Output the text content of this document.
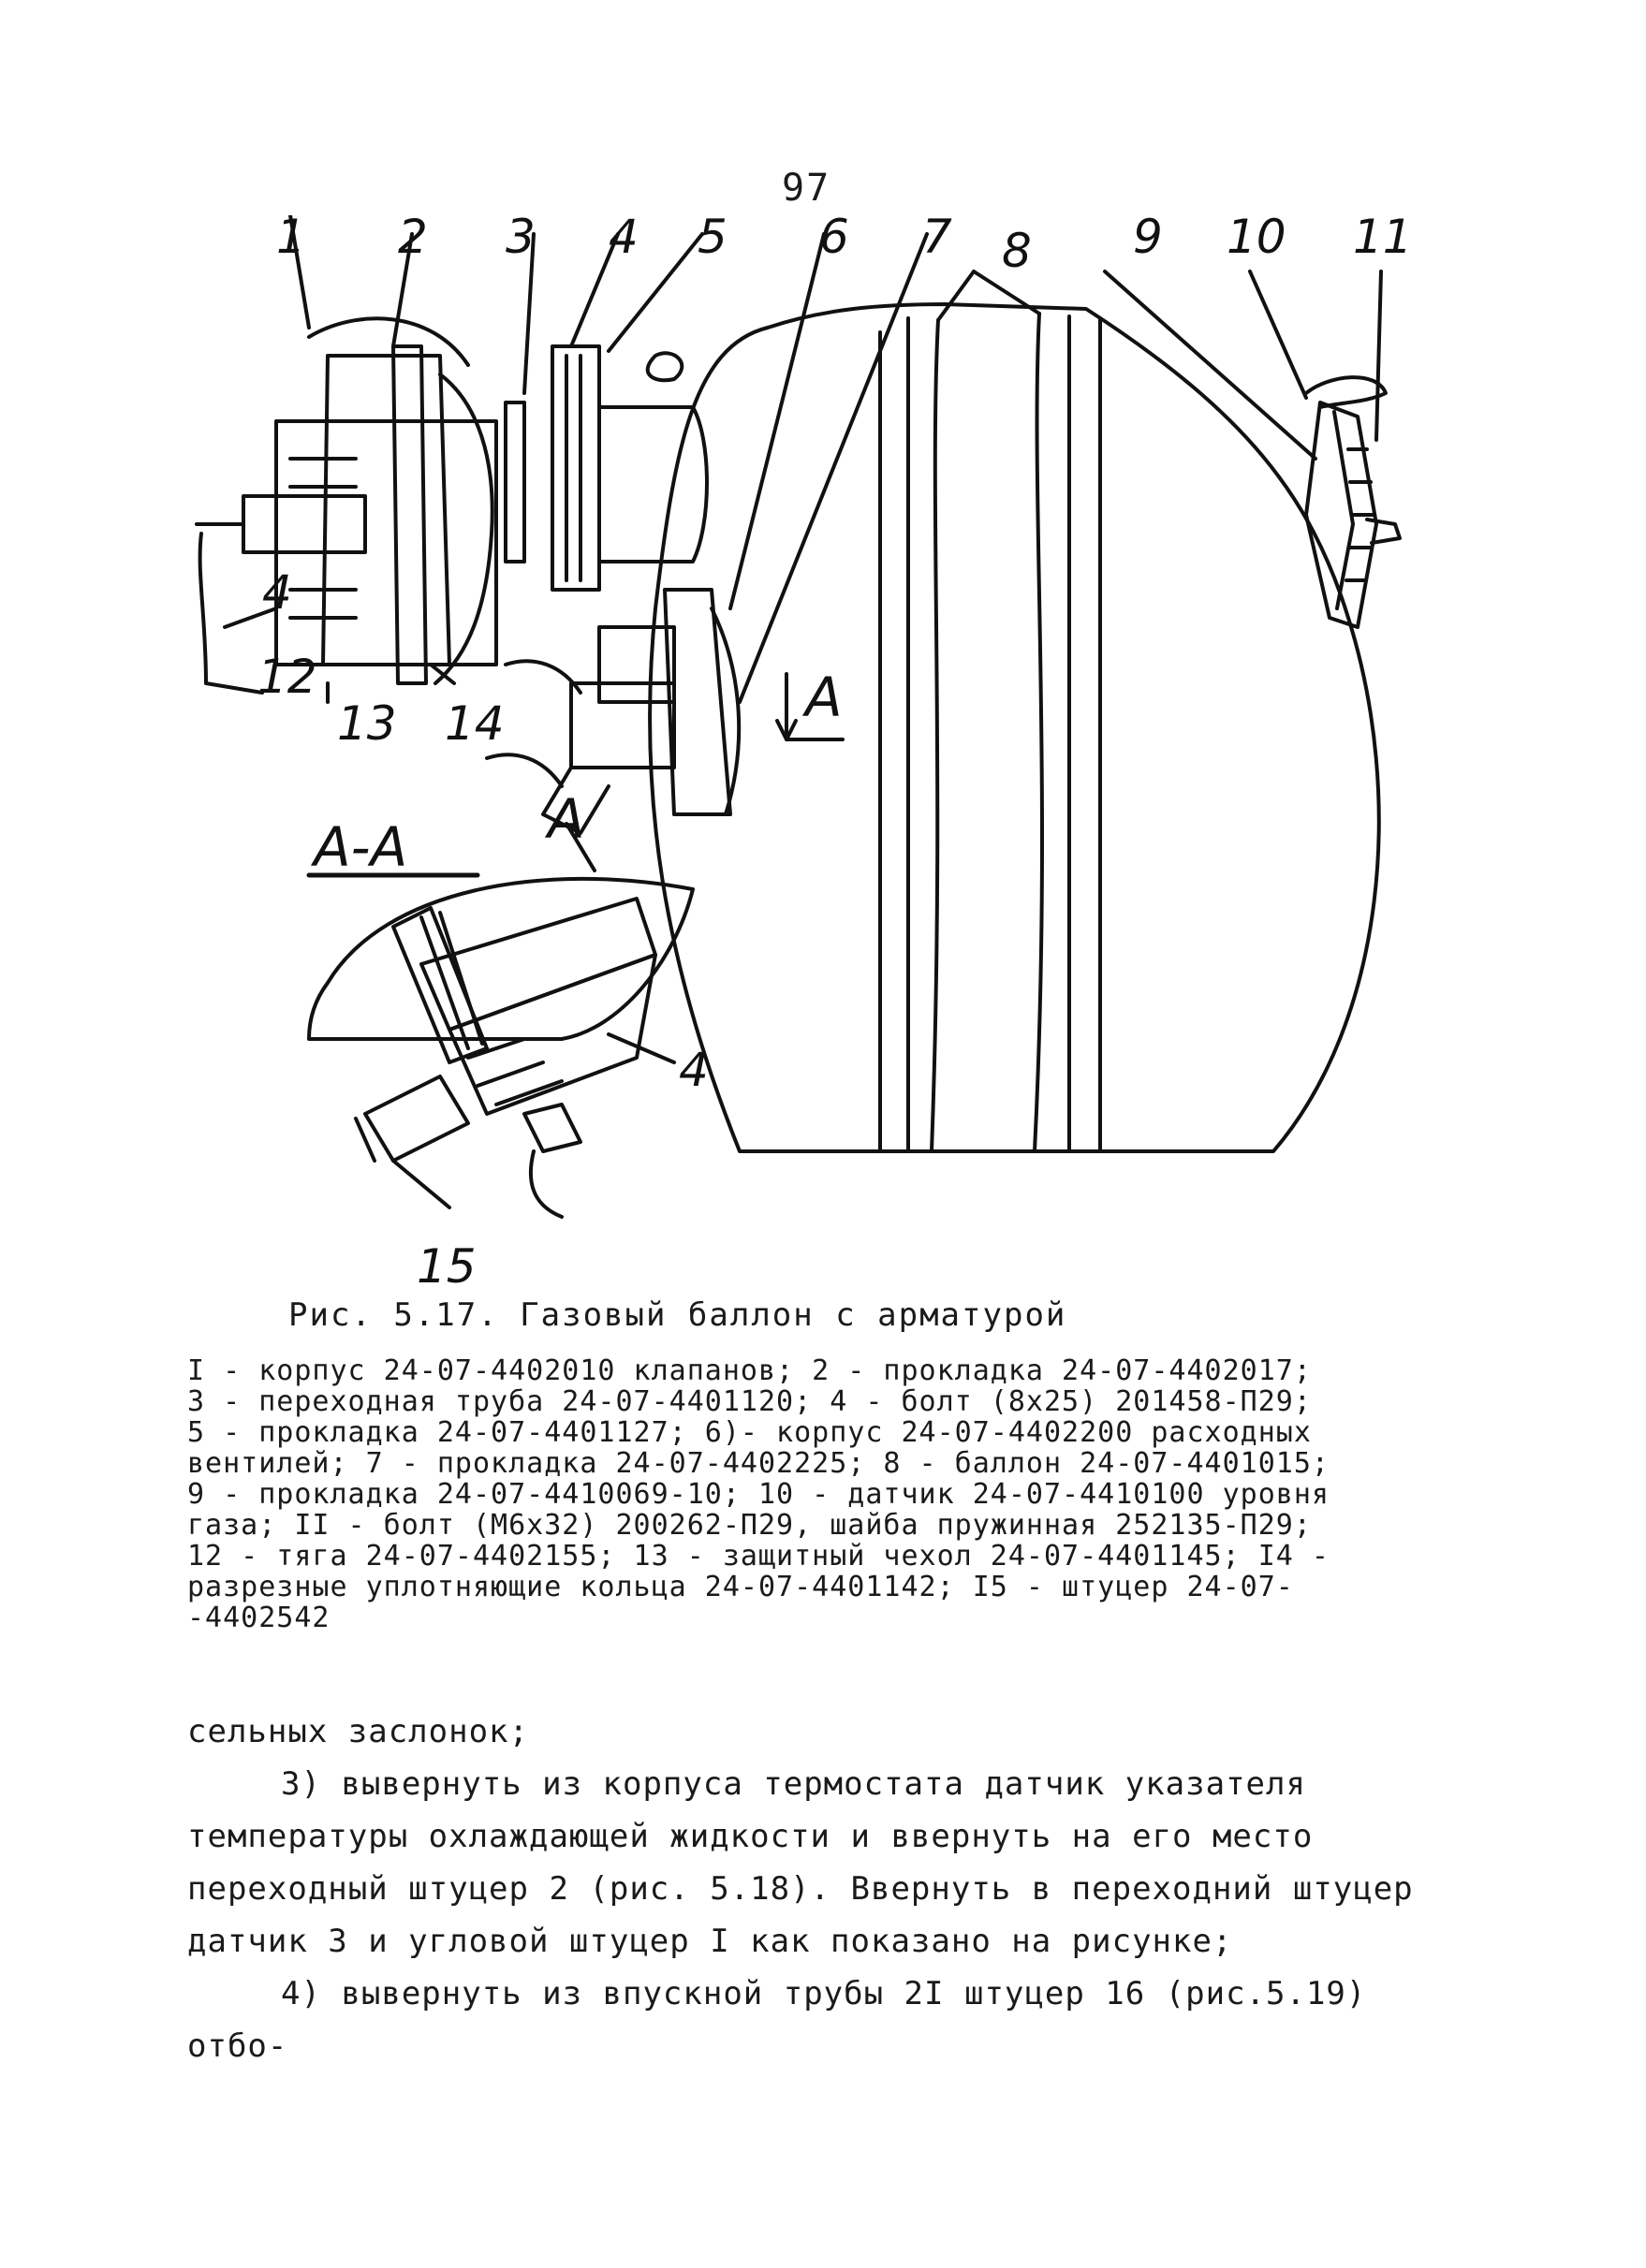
97
1 2 3 4 5 6 7 8 9 10 11
4
12
13 14
4
15
А
А
А-А
Рис. 5.17. Газовый баллон с арматурой
I - корпус 24-07-4402010 клапанов; 2 - прокладка 24-07-4402017;
3 - переходная труба 24-07-4401120; 4 - болт (8х25) 201458-П29;
5 - прокладка 24-07-4401127; 6)- корпус 24-07-4402200 расходных
вентилей; 7 - прокладка 24-07-4402225; 8 - баллон 24-07-4401015;
9 - прокладка 24-07-4410069-10; 10 - датчик 24-07-4410100 уровня
газа; II - болт (М6х32) 200262-П29, шайба пружинная 252135-П29;
12 - тяга 24-07-4402155; 13 - защитный чехол 24-07-4401145; I4 -
разрезные уплотняющие кольца 24-07-4401142; I5 - штуцер 24-07-
-4402542

сельных заслонок;

3) вывернуть из корпуса термостата датчик указателя температуры охлаждающей жидкости и ввернуть на его место переходный штуцер 2 (рис. 5.18). Ввернуть в переходний штуцер датчик 3 и угловой штуцер I как показано на рисунке;

4) вывернуть из впускной трубы 2I штуцер 16 (рис.5.19) отбо-
